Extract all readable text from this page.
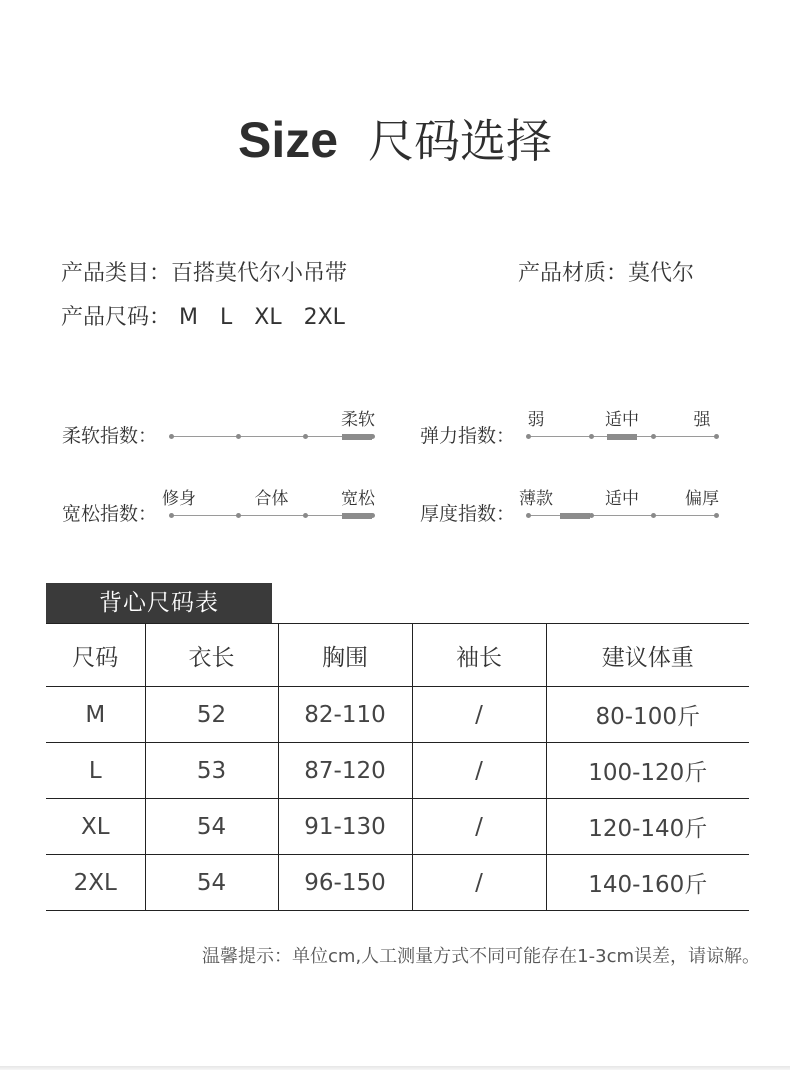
Size 尺码选择
产品类目：百搭莫代尔小吊带	产品材质：莫代尔
产品尺码： M L XL 2XL
柔软指数：
柔软
弹力指数：
弱	适中	强
宽松指数：
修身	合体	宽松
厚度指数：
薄款	适中	偏厚
背心尺码表
尺码	衣长	胸围	袖长	建议体重
M	52	82-110	/	80-100斤
L	53	87-120	/	100-120斤
XL	54	91-130	/	120-140斤
2XL	54	96-150	/	140-160斤
温馨提示：单位cm,人工测量方式不同可能存在1-3cm误差，请谅解。
